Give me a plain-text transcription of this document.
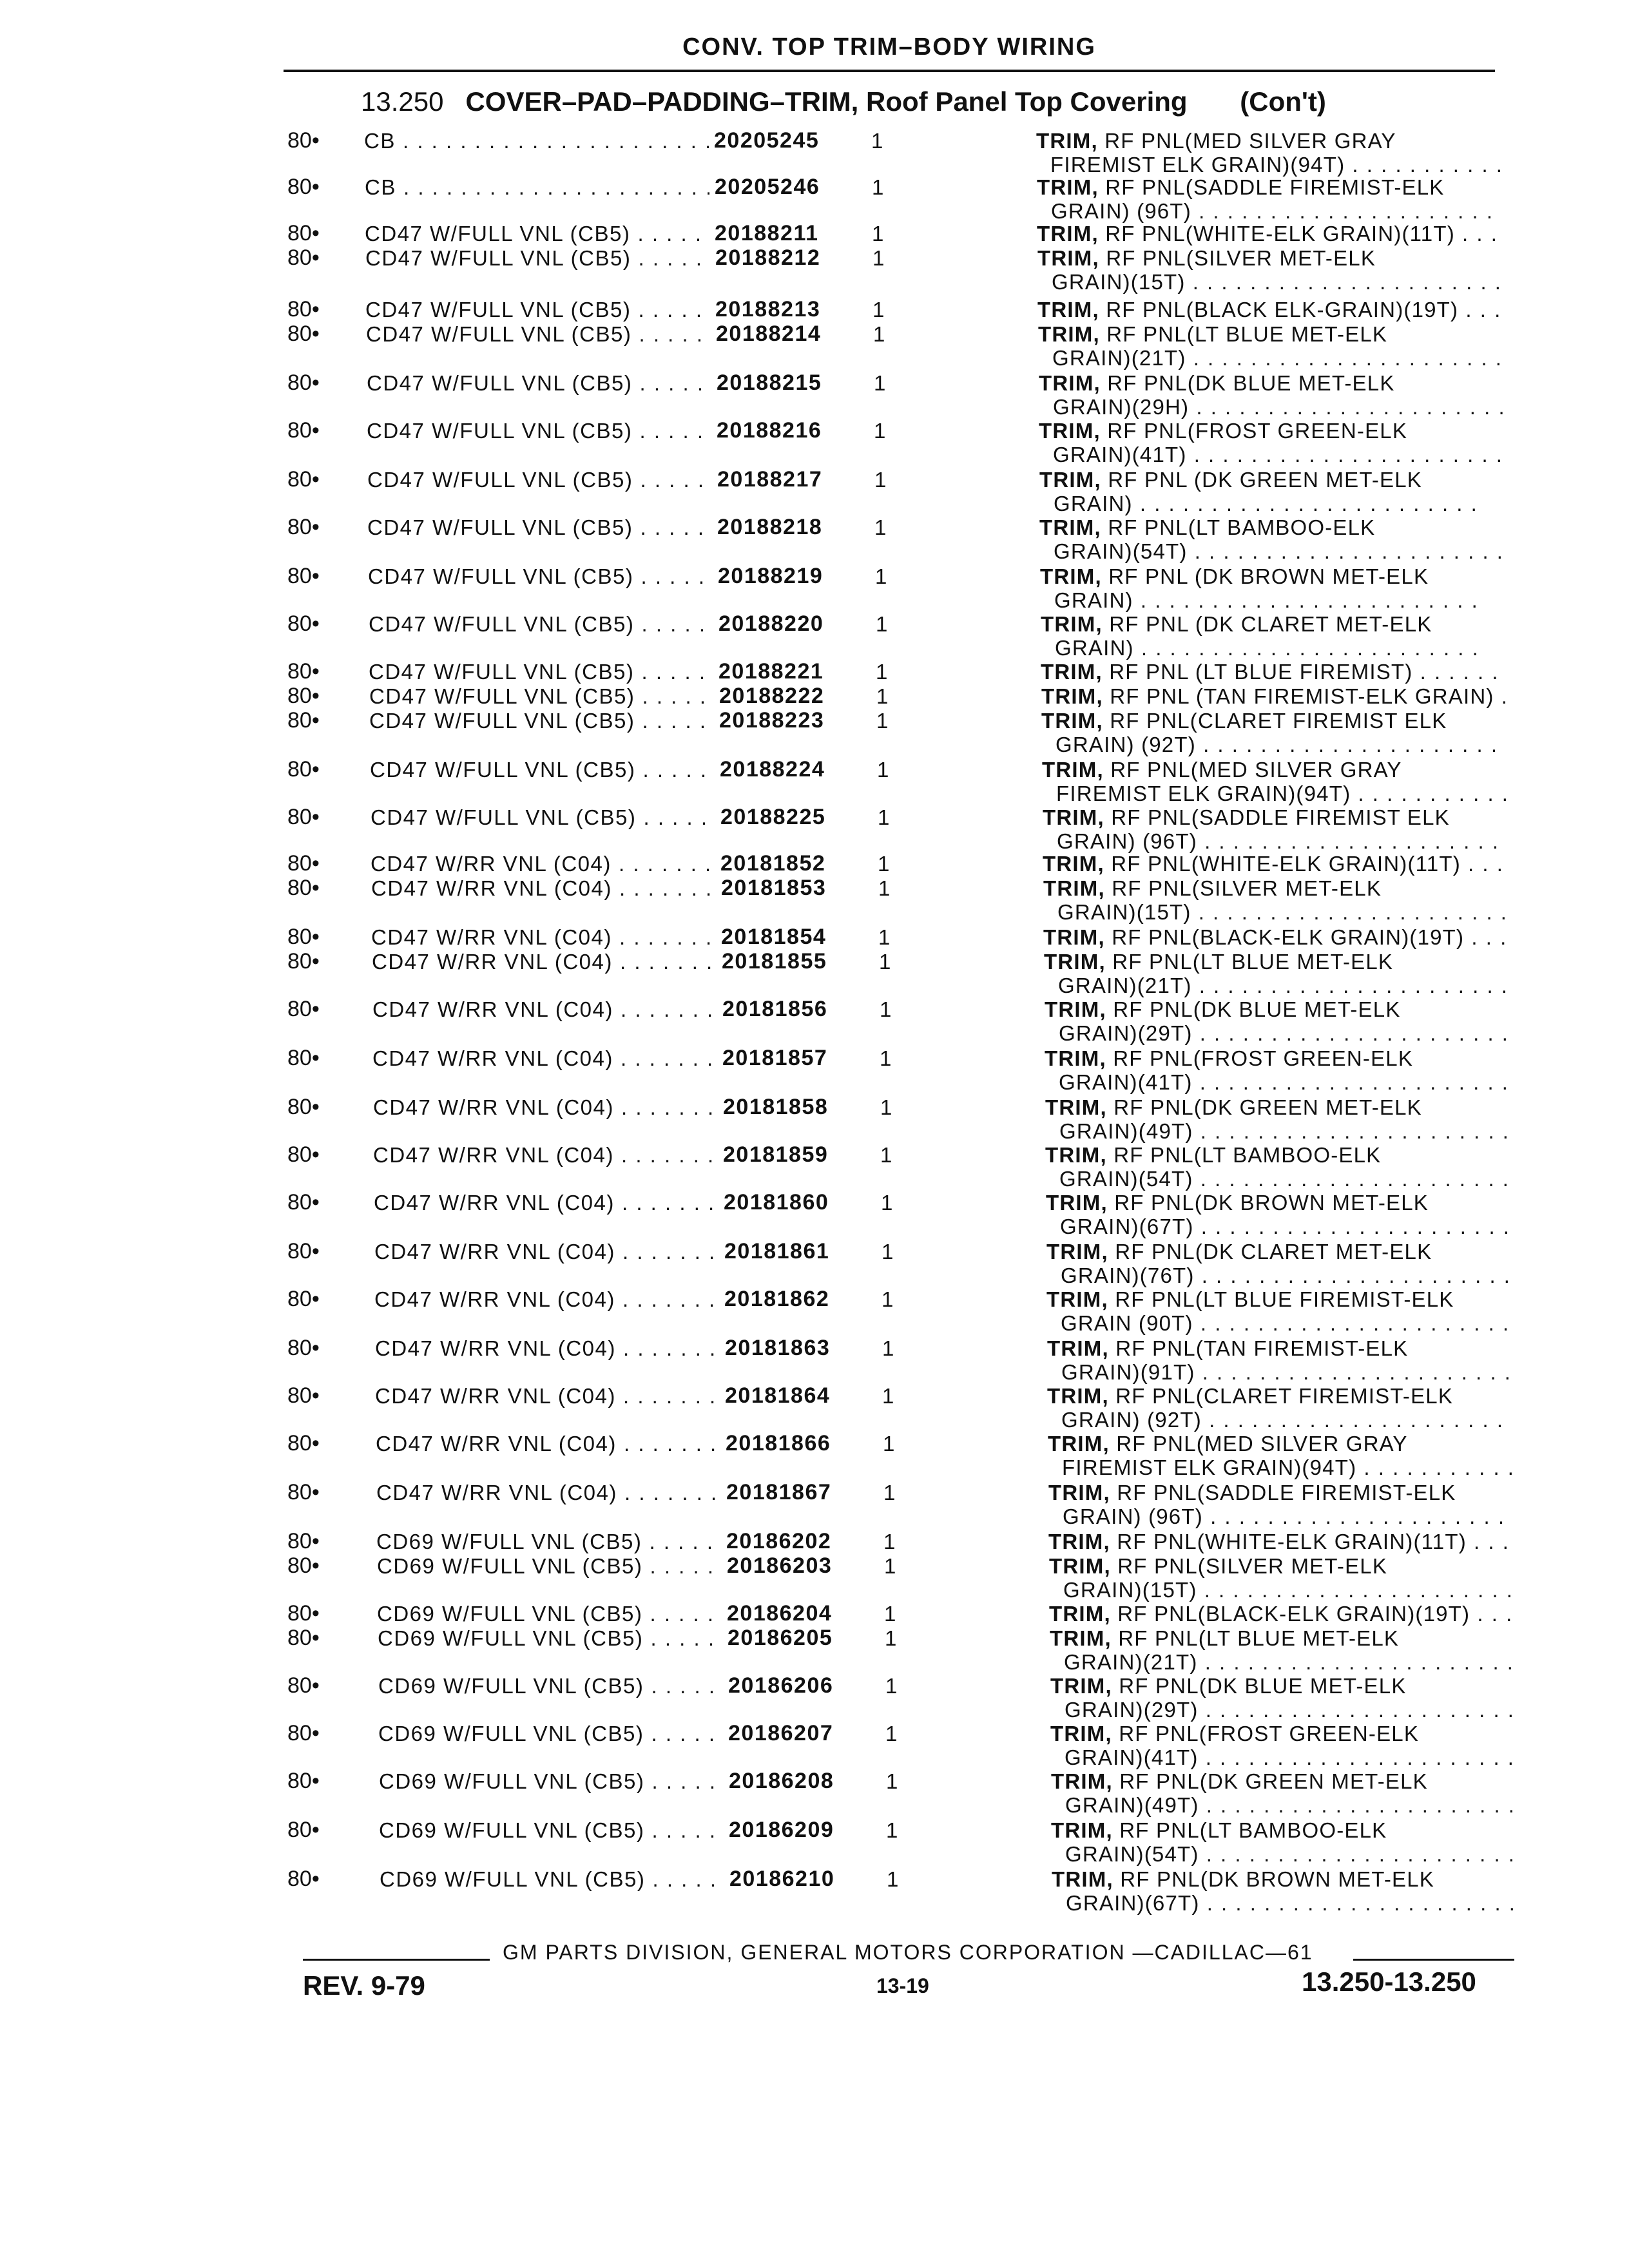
CONV. TOP TRIM–BODY WIRING
13.250 COVER–PAD–PADDING–TRIM, Roof Panel Top Covering (Con't)
80• CB . . .	20205245 1	TRIM, RF PNL(MED SILVER GRAY
FIREMIST ELK GRAIN)(94T) . . .
80• CB . . .	20205246 1	TRIM, RF PNL(SADDLE FIREMIST-ELK
GRAIN) (96T) . . .
80• CD47 W/FULL VNL (CB5) . . .	20188211	1	TRIM, RF PNL(WHITE-ELK GRAIN)(11T) . . .
80• CD47 W/FULL VNL (CB5) . . .	20188212 1	TRIM, RF PNL(SILVER MET-ELK
GRAIN)(15T) . . .
80• CD47 W/FULL VNL (CB5) . . .	20188213 1	TRIM, RF PNL(BLACK ELK-GRAIN)(19T) . . .
80• CD47 W/FULL VNL (CB5) . . .	20188214 1	TRIM, RF PNL(LT BLUE MET-ELK
GRAIN)(21T) . . .
80• CD47 W/FULL VNL (CB5) . . .	20188215 1	TRIM, RF PNL(DK BLUE MET-ELK
GRAIN)(29H) . . .
80• CD47 W/FULL VNL (CB5) . . .	20188216 1	TRIM, RF PNL(FROST GREEN-ELK
GRAIN)(41T) . . .
80• CD47 W/FULL VNL (CB5) . . .	20188217 1	TRIM, RF PNL (DK GREEN MET-ELK
GRAIN) . . .
80• CD47 W/FULL VNL (CB5) . . .	20188218 1	TRIM, RF PNL(LT BAMBOO-ELK
GRAIN)(54T) . . .
80• CD47 W/FULL VNL (CB5) . . .	20188219 1	TRIM, RF PNL (DK BROWN MET-ELK
GRAIN) . . .
80• CD47 W/FULL VNL (CB5) . . .	20188220 1	TRIM, RF PNL (DK CLARET MET-ELK
GRAIN) . . .
80• CD47 W/FULL VNL (CB5) . . .	20188221 1	TRIM, RF PNL (LT BLUE FIREMIST) . . .
80• CD47 W/FULL VNL (CB5) . . .	20188222 1	TRIM, RF PNL (TAN FIREMIST-ELK GRAIN) . . .
80• CD47 W/FULL VNL (CB5) . . .	20188223 1	TRIM, RF PNL(CLARET FIREMIST ELK
GRAIN) (92T) . . .
80• CD47 W/FULL VNL (CB5) . . .	20188224 1	TRIM, RF PNL(MED SILVER GRAY
FIREMIST ELK GRAIN)(94T) . . .
80• CD47 W/FULL VNL (CB5) . . .	20188225 1	TRIM, RF PNL(SADDLE FIREMIST ELK
GRAIN) (96T) . . .
80• CD47 W/RR VNL (C04) . . .	20181852 1	TRIM, RF PNL(WHITE-ELK GRAIN)(11T) . . .
80• CD47 W/RR VNL (C04) . . .	20181853 1	TRIM, RF PNL(SILVER MET-ELK
GRAIN)(15T) . . .
80• CD47 W/RR VNL (C04) . . .	20181854 1	TRIM, RF PNL(BLACK-ELK GRAIN)(19T) . . .
80• CD47 W/RR VNL (C04) . . .	20181855 1	TRIM, RF PNL(LT BLUE MET-ELK
GRAIN)(21T) . . .
80• CD47 W/RR VNL (C04) . . .	20181856 1	TRIM, RF PNL(DK BLUE MET-ELK
GRAIN)(29T) . . .
80• CD47 W/RR VNL (C04) . . .	20181857 1	TRIM, RF PNL(FROST GREEN-ELK
GRAIN)(41T) . . .
80•	CD47 W/RR VNL (C04) . . .	20181858 1	TRIM, RF PNL(DK GREEN MET-ELK
GRAIN)(49T) . . .
80•	CD47 W/RR VNL (C04) . . .	20181859 1	TRIM, RF PNL(LT BAMBOO-ELK
GRAIN)(54T) . . .
80•	CD47 W/RR VNL (C04) . . .	20181860 1	TRIM, RF PNL(DK BROWN MET-ELK
GRAIN)(67T) . . .
80•	CD47 W/RR VNL (C04) . . .	20181861 1	TRIM, RF PNL(DK CLARET MET-ELK
GRAIN)(76T) . . .
80•	CD47 W/RR VNL (C04) . . .	20181862 1	TRIM, RF PNL(LT BLUE FIREMIST-ELK
GRAIN (90T) . . .
80•	CD47 W/RR VNL (C04) . . .	20181863 1	TRIM, RF PNL(TAN FIREMIST-ELK
GRAIN)(91T) . . .
80•	CD47 W/RR VNL (C04) . . .	20181864 1	TRIM, RF PNL(CLARET FIREMIST-ELK
GRAIN) (92T) . . .
80•	CD47 W/RR VNL (C04) . . .	20181866 1	TRIM, RF PNL(MED SILVER GRAY
FIREMIST ELK GRAIN)(94T) . . .
80•	CD47 W/RR VNL (C04) . . .	20181867 1	TRIM, RF PNL(SADDLE FIREMIST-ELK
GRAIN) (96T) . . .
80•	CD69 W/FULL VNL (CB5) . . .	20186202 1	TRIM, RF PNL(WHITE-ELK GRAIN)(11T) . . .
80•	CD69 W/FULL VNL (CB5) . . .	20186203 1	TRIM, RF PNL(SILVER MET-ELK
GRAIN)(15T) . . .
80•	CD69 W/FULL VNL (CB5) . . .	20186204 1	TRIM, RF PNL(BLACK-ELK GRAIN)(19T) . . .
80•	CD69 W/FULL VNL (CB5) . . .	20186205 1	TRIM, RF PNL(LT BLUE MET-ELK
GRAIN)(21T) . . .
80•	CD69 W/FULL VNL (CB5) . . .	20186206 1	TRIM, RF PNL(DK BLUE MET-ELK
GRAIN)(29T) . . .
80•	CD69 W/FULL VNL (CB5) . . .	20186207 1	TRIM, RF PNL(FROST GREEN-ELK
GRAIN)(41T) . . .
80•	CD69 W/FULL VNL (CB5) . . .	20186208 1	TRIM, RF PNL(DK GREEN MET-ELK
GRAIN)(49T) . . .
80•	CD69 W/FULL VNL (CB5) . . .	20186209 1	TRIM, RF PNL(LT BAMBOO-ELK
GRAIN)(54T) . . .
80•	CD69 W/FULL VNL (CB5) . . .	20186210 1	TRIM, RF PNL(DK BROWN MET-ELK
GRAIN)(67T) . . .
GM PARTS DIVISION, GENERAL MOTORS CORPORATION —CADILLAC—61
REV. 9-79	13-19	13.250-13.250
